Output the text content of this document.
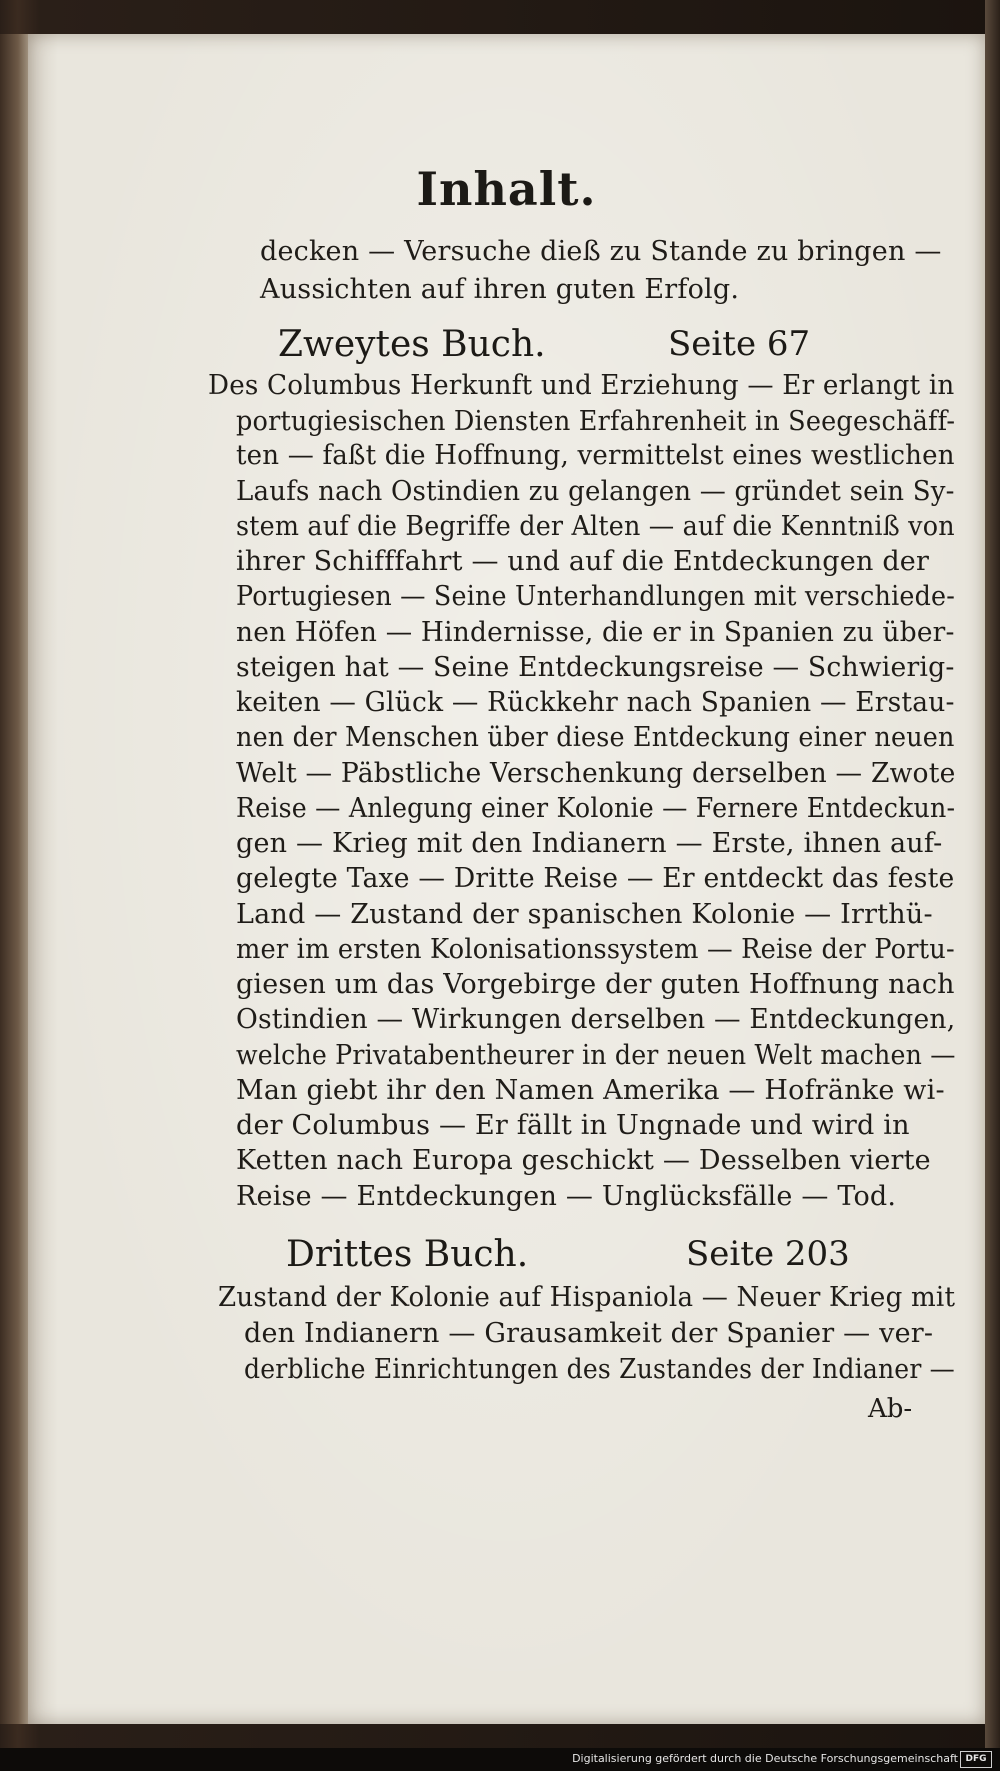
Inhalt.
decken — Versuche dieß zu Stande zu bringen —
Aussichten auf ihren guten Erfolg.
Zweytes Buch.	Seite 67
Des Columbus Herkunft und Erziehung — Er erlangt in
portugiesischen Diensten Erfahrenheit in Seegeschäff-
ten — faßt die Hoffnung, vermittelst eines westlichen
Laufs nach Ostindien zu gelangen — gründet sein Sy-
stem auf die Begriffe der Alten — auf die Kenntniß von
ihrer Schifffahrt — und auf die Entdeckungen der
Portugiesen — Seine Unterhandlungen mit verschiede-
nen Höfen — Hindernisse, die er in Spanien zu über-
steigen hat — Seine Entdeckungsreise — Schwierig-
keiten — Glück — Rückkehr nach Spanien — Erstau-
nen der Menschen über diese Entdeckung einer neuen
Welt — Päbstliche Verschenkung derselben — Zwote
Reise — Anlegung einer Kolonie — Fernere Entdeckun-
gen — Krieg mit den Indianern — Erste, ihnen auf-
gelegte Taxe — Dritte Reise — Er entdeckt das feste
Land — Zustand der spanischen Kolonie — Irrthü-
mer im ersten Kolonisationssystem — Reise der Portu-
giesen um das Vorgebirge der guten Hoffnung nach
Ostindien — Wirkungen derselben — Entdeckungen,
welche Privatabentheurer in der neuen Welt machen —
Man giebt ihr den Namen Amerika — Hofränke wi-
der Columbus — Er fällt in Ungnade und wird in
Ketten nach Europa geschickt — Desselben vierte
Reise — Entdeckungen — Unglücksfälle — Tod.
Drittes Buch.	Seite 203
Zustand der Kolonie auf Hispaniola — Neuer Krieg mit
den Indianern — Grausamkeit der Spanier — ver-
derbliche Einrichtungen des Zustandes der Indianer —
Ab-
Digitalisierung gefördert durch die Deutsche Forschungsgemeinschaft DFG
